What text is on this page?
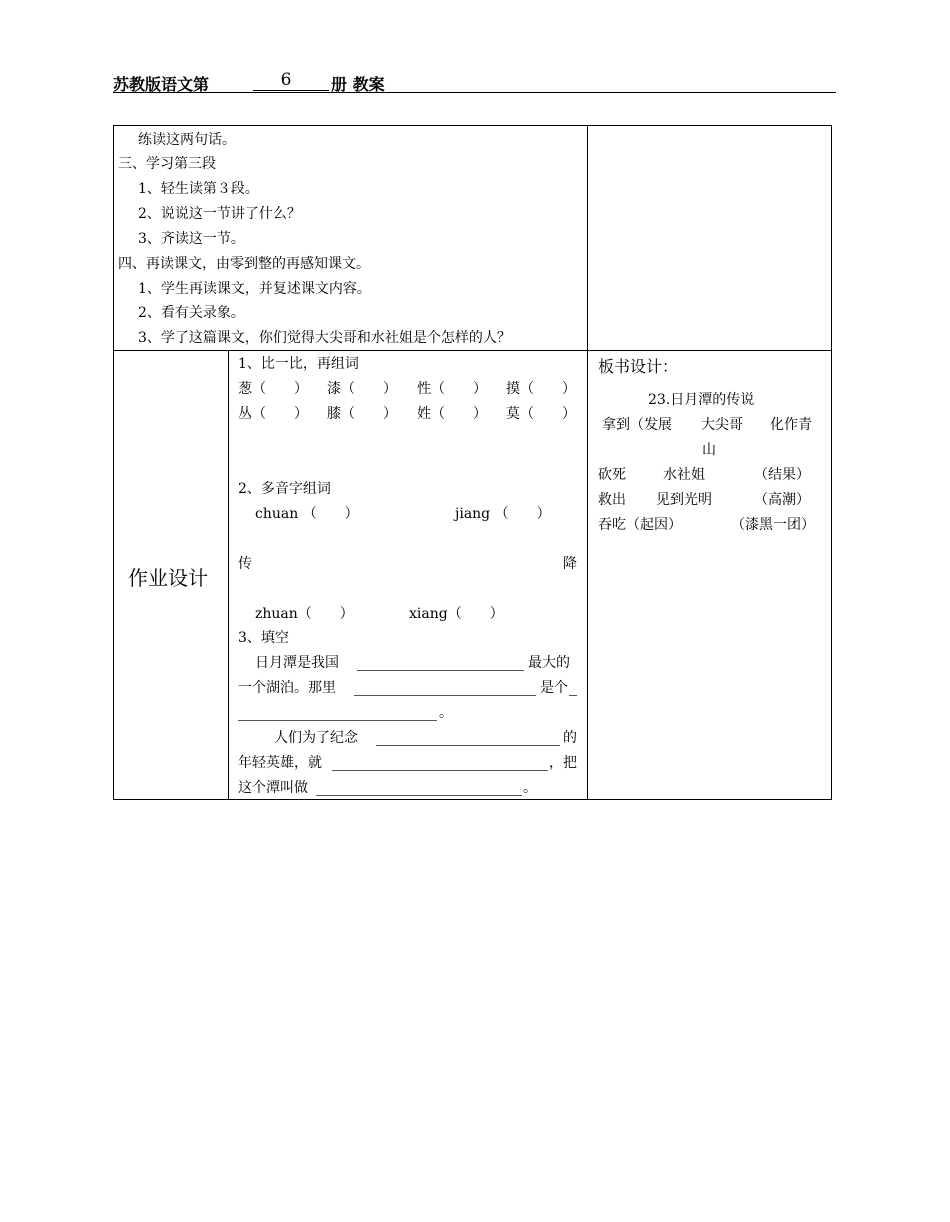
苏教版语文第	6	册 教案
练读这两句话。
三、学习第三段
1、轻生读第３段。
2、说说这一节讲了什么？
3、齐读这一节。
四、再读课文，由零到整的再感知课文。
1、学生再读课文，并复述课文内容。
2、看有关录象。
3、学了这篇课文，你们觉得大尖哥和水社姐是个怎样的人？
作业设计
1、比一比，再组词
葱（　　） 漆（　　） 性（　　） 摸（　　）
丛（　　） 膝（　　） 姓（　　） 莫（　　）
2、多音字组词
chuan （　　）	jiang （　　）
传	降
zhuan（　　）	xiang（　　）
3、填空
日月潭是我国	最大的
一个湖泊。那里	是个
。
人们为了纪念	的
年轻英雄，就	，把
这个潭叫做	。
板书设计：
23.日月潭的传说
拿到（发展 大尖哥 化作青
山
砍死	水社姐	（结果）
救出 见到光明	（高潮）
吞吃（起因）	（漆黑一团）
